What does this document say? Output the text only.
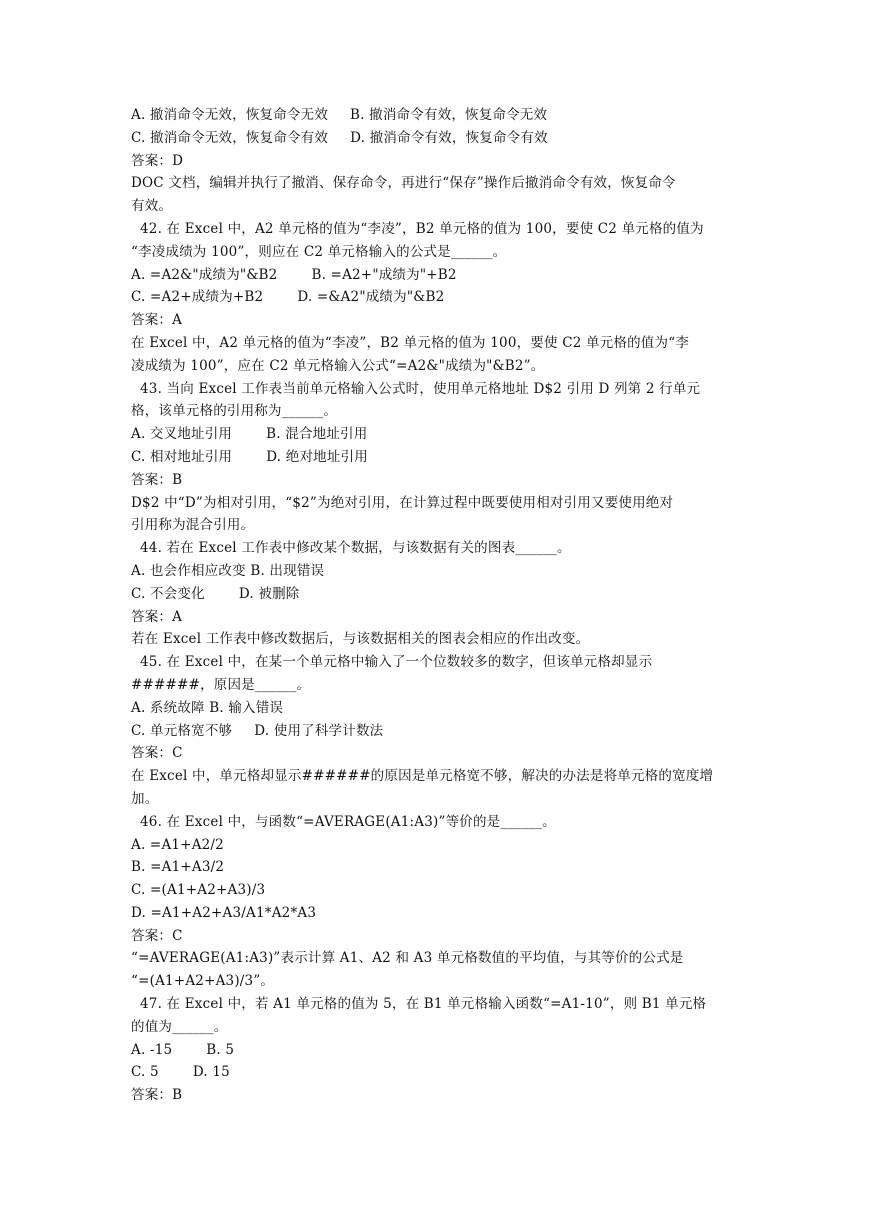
A. 撤消命令无效，恢复命令无效 B. 撤消命令有效，恢复命令无效
C. 撤消命令无效，恢复命令有效 D. 撤消命令有效，恢复命令有效
答案：D
DOC 文档，编辑并执行了撤消、保存命令，再进行“保存”操作后撤消命令有效，恢复命令
有效。
42. 在 Excel 中，A2 单元格的值为“李凌”，B2 单元格的值为 100，要使 C2 单元格的值为
“李凌成绩为 100”，则应在 C2 单元格输入的公式是______。
A. =A2&"成绩为"&B2	B. =A2+"成绩为"+B2
C. =A2+成绩为+B2	D. =&A2"成绩为"&B2
答案：A
在 Excel 中，A2 单元格的值为“李凌”，B2 单元格的值为 100，要使 C2 单元格的值为“李
凌成绩为 100”，应在 C2 单元格输入公式“=A2&"成绩为"&B2”。
43. 当向 Excel 工作表当前单元格输入公式时，使用单元格地址 D$2 引用 D 列第 2 行单元
格，该单元格的引用称为______。
A. 交叉地址引用	B. 混合地址引用
C. 相对地址引用	D. 绝对地址引用
答案：B
D$2 中“D”为相对引用，“$2”为绝对引用，在计算过程中既要使用相对引用又要使用绝对
引用称为混合引用。
44. 若在 Excel 工作表中修改某个数据，与该数据有关的图表______。
A. 也会作相应改变 B. 出现错误
C. 不会变化	D. 被删除
答案：A
若在 Excel 工作表中修改数据后，与该数据相关的图表会相应的作出改变。
45. 在 Excel 中，在某一个单元格中输入了一个位数较多的数字，但该单元格却显示
######，原因是______。
A. 系统故障 B. 输入错误
C. 单元格宽不够 D. 使用了科学计数法
答案：C
在 Excel 中，单元格却显示######的原因是单元格宽不够，解决的办法是将单元格的宽度增
加。
46. 在 Excel 中，与函数“=AVERAGE(A1:A3)”等价的是______。
A. =A1+A2/2
B. =A1+A3/2
C. =(A1+A2+A3)/3
D. =A1+A2+A3/A1*A2*A3
答案：C
“=AVERAGE(A1:A3)”表示计算 A1、A2 和 A3 单元格数值的平均值，与其等价的公式是
“=(A1+A2+A3)/3”。
47. 在 Excel 中，若 A1 单元格的值为 5，在 B1 单元格输入函数“=A1-10”，则 B1 单元格
的值为______。
A. -15	B. 5
C. 5	D. 15
答案：B
